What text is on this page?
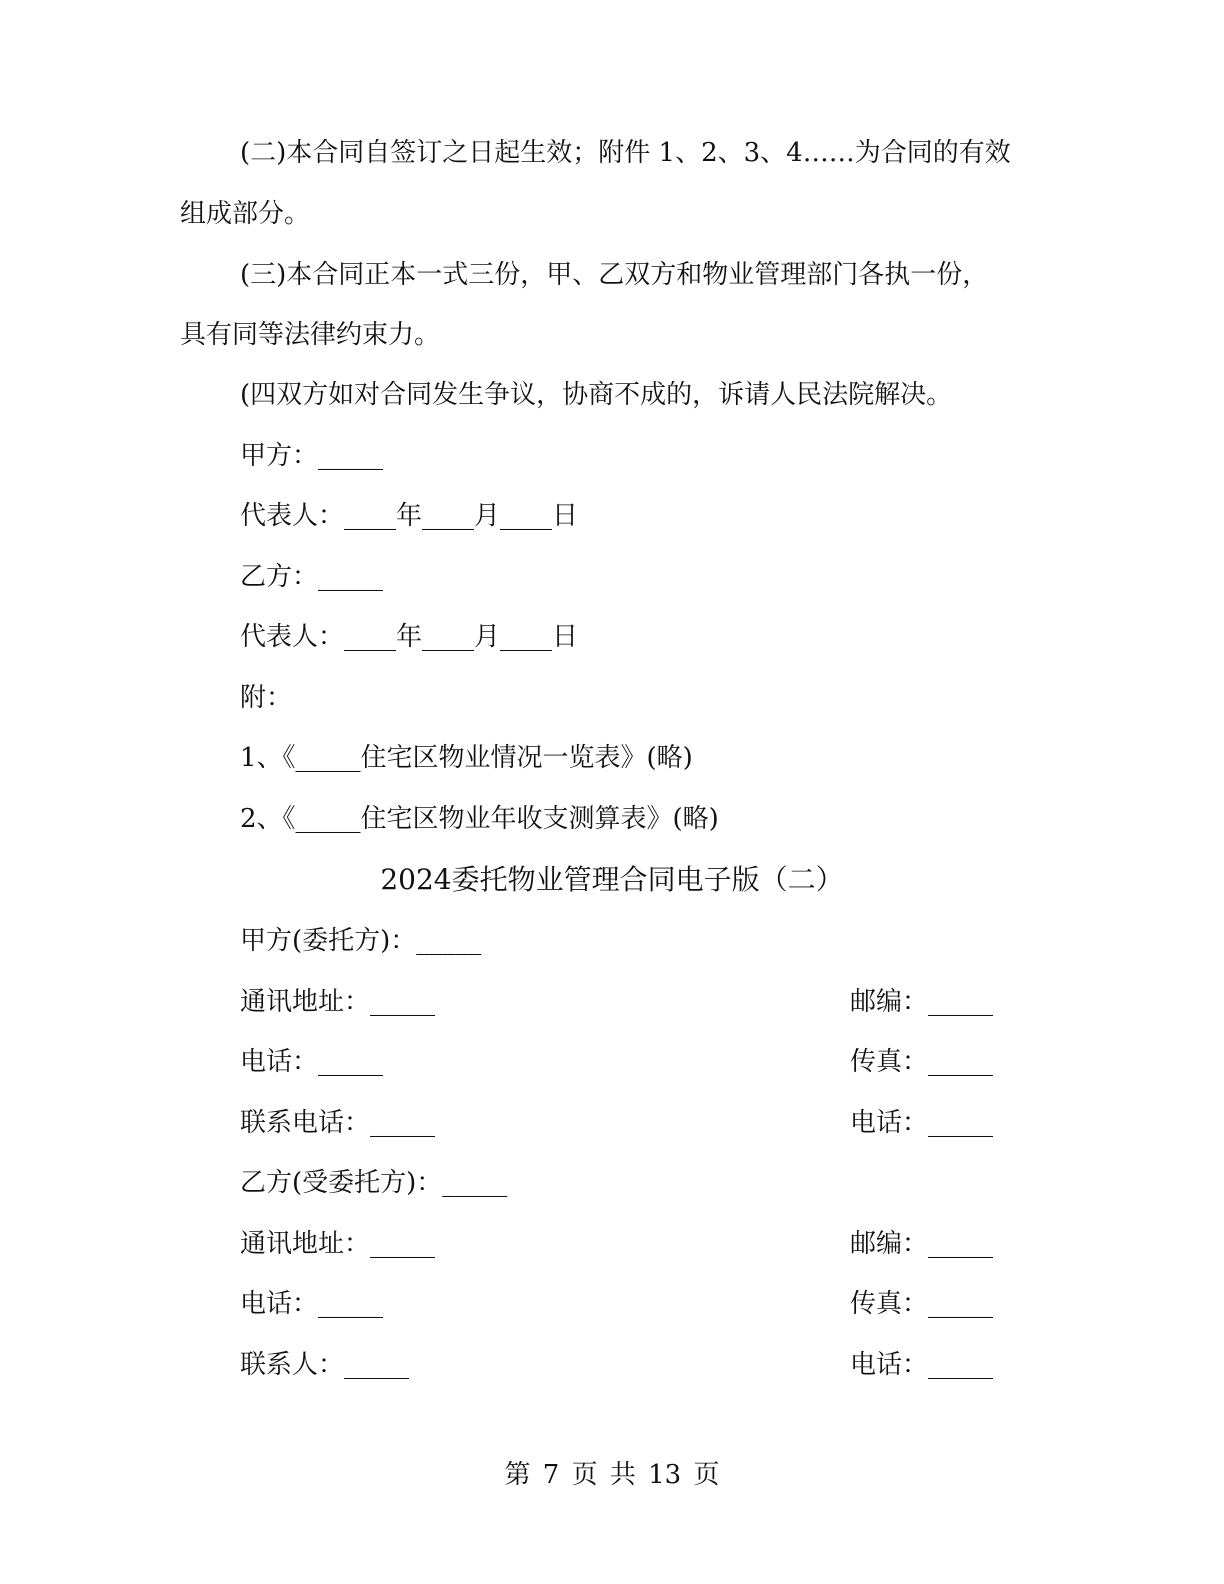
(二)本合同自签订之日起生效；附件 1、2、3、4……为合同的有效
组成部分。
(三)本合同正本一式三份，甲、乙双方和物业管理部门各执一份，
具有同等法律约束力。
(四双方如对合同发生争议，协商不成的，诉请人民法院解决。
甲方：_____
代表人：____年____月____日
乙方：_____
代表人：____年____月____日
附：
1、《_____住宅区物业情况一览表》(略)
2、《_____住宅区物业年收支测算表》(略)
2024委托物业管理合同电子版（二）
甲方(委托方)：_____
通讯地址：_____	邮编：_____
电话：_____	传真：_____
联系电话：_____	电话：_____
乙方(受委托方)：_____
通讯地址：_____	邮编：_____
电话：_____	传真：_____
联系人：_____	电话：_____
第 7 页 共 13 页
